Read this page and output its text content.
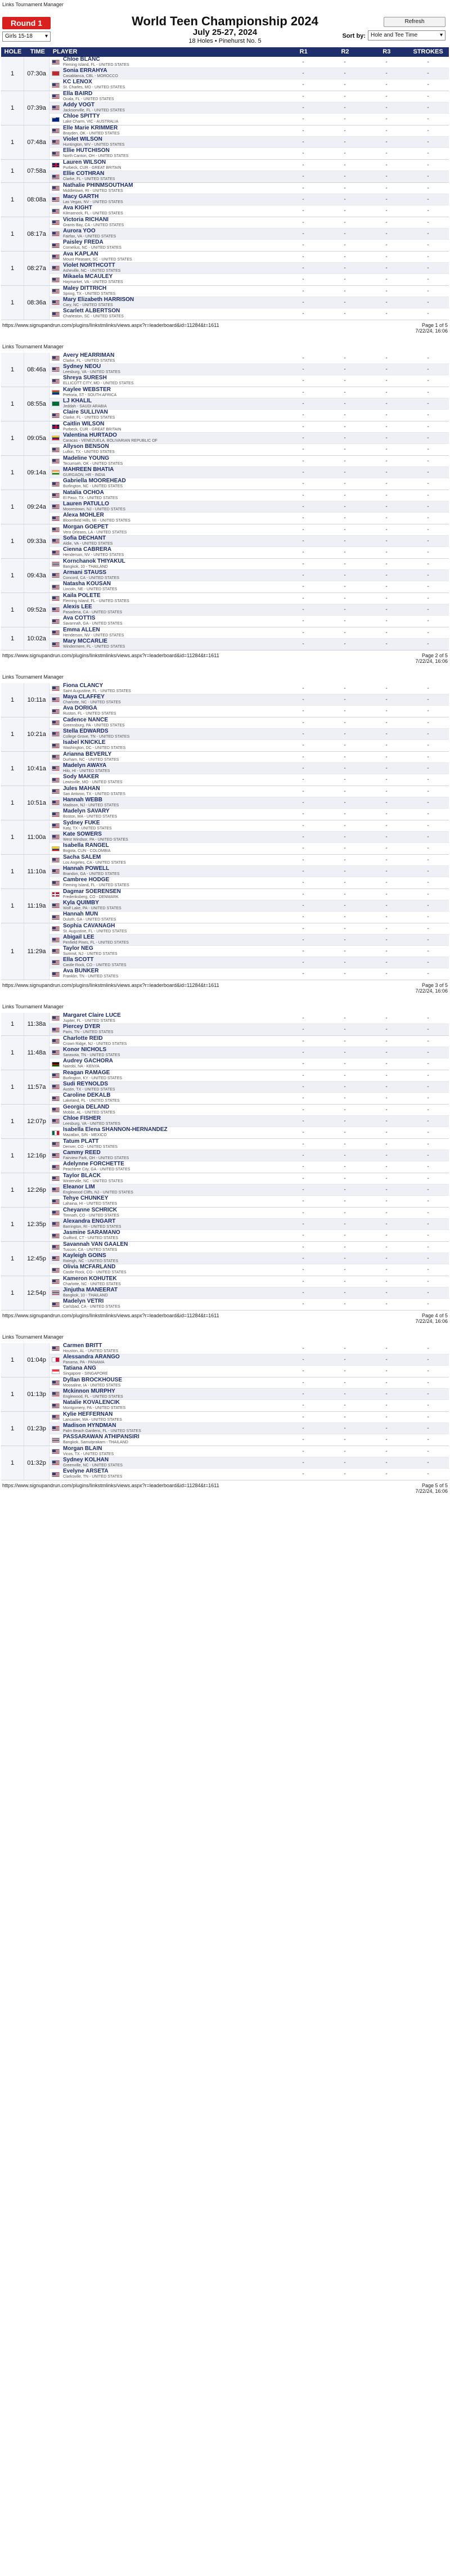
Links Tournament Manager
Round 1
Girls 15-18 ▾
World Teen Championship 2024
July 25-27, 2024
18 Holes • Pinehurst No. 5
Refresh
Sort by: Hole and Tee Time	▾
HOLE	TIME	PLAYER	R1	R2	R3	STROKES
1	07:30a
Chloe BLANC
Fleming Island, FL - UNITED STATES	-	-	-	-
Sonia ERRAHYA
Casablanca, CBL - MOROCCO	-	-	-	-
KC LENOX
St. Charles, MO - UNITED STATES	-	-	-	-
1	07:39a
Ella BAIRD
Ocala, FL - UNITED STATES	-	-	-	-
Addy VOGT
Jacksonville, FL - UNITED STATES	-	-	-	-
Chloe SPITTY
Lake Charm, VIC - AUSTRALIA	-	-	-	-
1	07:48a
Elle Marie KRIMMER
Brayden, OK - UNITED STATES	-	-	-	-
Violet WILSON
Huntington, WV - UNITED STATES	-	-	-	-
Ellie HUTCHISON
North Canton, OH - UNITED STATES	-	-	-	-
1	07:58a
Lauren WILSON
Purbeck, CUR - GREAT BRITAIN	-	-	-	-
Ellie COTHRAN
Clarke, FL - UNITED STATES	-	-	-	-
1	08:08a
Nathalie PHINMSOUTHAM
Middletown, RI - UNITED STATES	-	-	-	-
Macy GARTH
Las Vegas, NV - UNITED STATES	-	-	-	-
Ava KIGHT
Kilmarnock, FL - UNITED STATES	-	-	-	-
1	08:17a
Victoria RICHANI
Grants Bay, CA - UNITED STATES	-	-	-	-
Aurora YOO
Fairfax, VA - UNITED STATES	-	-	-	-
Paisley FREDA
Cornelius, NC - UNITED STATES	-	-	-	-
1	08:27a
Ava KAPLAN
Mount Pleasant, SC - UNITED STATES	-	-	-	-
Violet NORTHCOTT
Asheville, NC - UNITED STATES	-	-	-	-
Mikaela MCAULEY
Haymarket, VA - UNITED STATES	-	-	-	-
1	08:36a
Maley DITTRICH
Spring, TX - UNITED STATES	-	-	-	-
Mary Elizabeth HARRISON
Cary, NC - UNITED STATES	-	-	-	-
Scarlett ALBERTSON
Charleston, SC - UNITED STATES	-	-	-	-
https://www.signupandrun.com/plugins/linkstmlinks/views.aspx?r=leaderboard&id=11284&t=1611	Page 1 of 5
7/22/24, 16:06
Links Tournament Manager
1	08:46a
Avery HEARRIMAN
Clarke, FL - UNITED STATES	-	-	-	-
Sydney NEOU
Leesburg, VA - UNITED STATES	-	-	-	-
Shreya SURESH
ELLICOTT CITY, MD - UNITED STATES	-	-	-	-
1	08:55a
Kaylee WEBSTER
Pretoria, ST - SOUTH AFRICA	-	-	-	-
LJ KHALIL
Jeddah - SAUDI ARABIA	-	-	-	-
Claire SULLIVAN
Clarke, FL - UNITED STATES	-	-	-	-
1	09:05a
Caitlin WILSON
Purbeck, CUR - GREAT BRITAIN	-	-	-	-
Valentina HURTADO
Caracas - VENEZUELA, BOLIVARIAN REPUBLIC OF	-	-	-	-
Allyson BENSON
Lufkin, TX - UNITED STATES	-	-	-	-
1	09:14a
Madeline YOUNG
Tecumseh, OK - UNITED STATES	-	-	-	-
MAHREEN BHATIA
GURGAON, HR - INDIA	-	-	-	-
Gabriella MOOREHEAD
Burlington, NC - UNITED STATES	-	-	-	-
1	09:24a
Natalia OCHOA
El Paso, TX - UNITED STATES	-	-	-	-
Lauren PATULLO
Moorestown, NJ - UNITED STATES	-	-	-	-
Alexa MOHLER
Bloomfield Hills, MI - UNITED STATES	-	-	-	-
1	09:33a
Morgan GOEPET
Vero Orleans, LA - UNITED STATES	-	-	-	-
Sofia DECHANT
Aldie, VA - UNITED STATES	-	-	-	-
Cienna CABRERA
Henderson, NV - UNITED STATES	-	-	-	-
1	09:43a
Kornchanok THIYAKUL
Bangkok, 10 - THAILAND	-	-	-	-
Armani STAUSS
Concord, CA - UNITED STATES	-	-	-	-
Natasha KOUSAN
Lincoln, NE - UNITED STATES	-	-	-	-
1	09:52a
Kaila POLETE
Fleming Island, FL - UNITED STATES	-	-	-	-
Alexis LEE
Pasadena, CA - UNITED STATES	-	-	-	-
Ava COTTIS
Savannah, GA - UNITED STATES	-	-	-	-
1	10:02a
Emma ALLEN
Henderson, NV - UNITED STATES	-	-	-	-
Mary MCCARLIE
Windermere, FL - UNITED STATES	-	-	-	-
https://www.signupandrun.com/plugins/linkstmlinks/views.aspx?r=leaderboard&id=11284&t=1611	Page 2 of 5
7/22/24, 16:06
Links Tournament Manager
1	10:11a
Fiona CLANCY
Saint Augustine, FL - UNITED STATES	-	-	-	-
Maya CLAFFEY
Charlotte, NC - UNITED STATES	-	-	-	-
Ava DORIGA
Ruston, FL - UNITED STATES	-	-	-	-
1	10:21a
Cadence NANCE
Greensburg, PA - UNITED STATES	-	-	-	-
Stella EDWARDS
College Grove, TN - UNITED STATES	-	-	-	-
Isabel KNICKLE
Washington, DC - UNITED STATES	-	-	-	-
1	10:41a
Arianna BEVERLY
Durham, NC - UNITED STATES	-	-	-	-
Madelyn AWAYA
Hilo, HI - UNITED STATES	-	-	-	-
Sody MAKER
Lewisville, MO - UNITED STATES	-	-	-	-
1	10:51a
Jules MAHAN
San Antonio, TX - UNITED STATES	-	-	-	-
Hannah WEBB
Madison, NJ - UNITED STATES	-	-	-	-
Madelyn SAVARY
Boston, MA - UNITED STATES	-	-	-	-
1	11:00a
Sydney FUKE
Katy, TX - UNITED STATES	-	-	-	-
Kate SOWERS
West Windsor, PA - UNITED STATES	-	-	-	-
Isabella RANGEL
Bogota, CUN - COLOMBIA	-	-	-	-
1	11:10a
Sacha SALEM
Los Angeles, CA - UNITED STATES	-	-	-	-
Hannah POWELL
Brandon, GA - UNITED STATES	-	-	-	-
Cambree HODGE
Fleming Island, FL - UNITED STATES	-	-	-	-
1	11:19a
Dagmar SOERENSEN
Frederiksberg, CO - DENMARK	-	-	-	-
Kyla QUIMBY
Wolf Lake, PA - UNITED STATES	-	-	-	-
Hannah MUN
Duluth, GA - UNITED STATES	-	-	-	-
1	11:29a
Sophia CAVANAGH
St. Augustine, FL - UNITED STATES	-	-	-	-
Abigail LEE
Penfield Pines, FL - UNITED STATES	-	-	-	-
Taylor NEG
Summit, NJ - UNITED STATES	-	-	-	-
Ella SCOTT
Castle Rock, CO - UNITED STATES	-	-	-	-
Ava BUNKER
Franklin, TN - UNITED STATES	-	-	-	-
https://www.signupandrun.com/plugins/linkstmlinks/views.aspx?r=leaderboard&id=11284&t=1611	Page 3 of 5
7/22/24, 16:06
Links Tournament Manager
1	11:38a
Margaret Claire LUCE
Jupiter, FL - UNITED STATES	-	-	-	-
Piercey DYER
Paris, TN - UNITED STATES	-	-	-	-
1	11:48a
Charlotte REID
Crown Ridge, NJ - UNITED STATES	-	-	-	-
Konor NICHOLS
Sarasota, TN - UNITED STATES	-	-	-	-
Audrey GACHORA
Nairobi, NA - KENYA	-	-	-	-
1	11:57a
Reagan RAMAGE
Burlington, KY - UNITED STATES	-	-	-	-
Sudi REYNOLDS
Austin, TX - UNITED STATES	-	-	-	-
Caroline DEKALB
Lakeland, FL - UNITED STATES	-	-	-	-
1	12:07p
Georgia DELAND
Mobile, AL - UNITED STATES	-	-	-	-
Chloe FISHER
Leesburg, VA - UNITED STATES	-	-	-	-
Isabella Elena SHANNON-HERNANDEZ
Mazatlan, SIN - MEXICO	-	-	-	-
1	12:16p
Tatum PLATT
Denver, CO - UNITED STATES	-	-	-	-
Cammy REED
Fairview Park, OH - UNITED STATES	-	-	-	-
Adelynne FORCHETTE
Peachtree City, GA - UNITED STATES	-	-	-	-
1	12:26p
Taylor BLACK
Winterville, NC - UNITED STATES	-	-	-	-
Eleanor LIM
Englewood Cliffs, NJ - UNITED STATES	-	-	-	-
Tehye CHUNKEY
Lahaina, HI - UNITED STATES	-	-	-	-
1	12:35p
Cheyanne SCHRICK
Timnath, CO - UNITED STATES	-	-	-	-
Alexandra ENGART
Barrington, RI - UNITED STATES	-	-	-	-
Jasmine SARAMANO
Guilford, CT - UNITED STATES	-	-	-	-
1	12:45p
Savannah VAN GAALEN
Tuscon, CA - UNITED STATES	-	-	-	-
Kayleigh GOINS
Raleigh, NC - UNITED STATES	-	-	-	-
Olivia MCFARLAND
Castle Rock, CO - UNITED STATES	-	-	-	-
1	12:54p
Kameron KOHUTEK
Charlotte, NC - UNITED STATES	-	-	-	-
Jinjutha MANEERAT
Bangkok, 10 - THAILAND	-	-	-	-
Madelyn VETRI
Carlsbad, CA - UNITED STATES	-	-	-	-
https://www.signupandrun.com/plugins/linkstmlinks/views.aspx?r=leaderboard&id=11284&t=1611	Page 4 of 5
7/22/24, 16:06
Links Tournament Manager
1	01:04p
Carmen BRITT
Houston, AL - UNITED STATES	-	-	-	-
Alessandra ARANGO
Panama, PA - PANAMA	-	-	-	-
Tatiana ANG
Singapore - SINGAPORE	-	-	-	-
1	01:13p
Dyllan BROCKHOUSE
Moosaline, IA - UNITED STATES	-	-	-	-
Mckinnon MURPHY
Englewood, FL - UNITED STATES	-	-	-	-
Natalie KOVALENCIK
Montgomery, PA - UNITED STATES	-	-	-	-
1	01:23p
Kylie HEFFERNAN
Lancaster, MA - UNITED STATES	-	-	-	-
Madison HYNDMAN
Palm Beach Gardens, FL - UNITED STATES	-	-	-	-
PASSARAWAN ATHIPANSIRI
Bangkok, Samutprakarn - THAILAND	-	-	-	-
1	01:32p
Morgan BLAIN
Vicos, TX - UNITED STATES	-	-	-	-
Sydney KOLHAN
Greenville, NC - UNITED STATES	-	-	-	-
Evelyne ARSETA
Clarksville, TN - UNITED STATES	-	-	-	-
https://www.signupandrun.com/plugins/linkstmlinks/views.aspx?r=leaderboard&id=11284&t=1611	Page 5 of 5
7/22/24, 16:06
